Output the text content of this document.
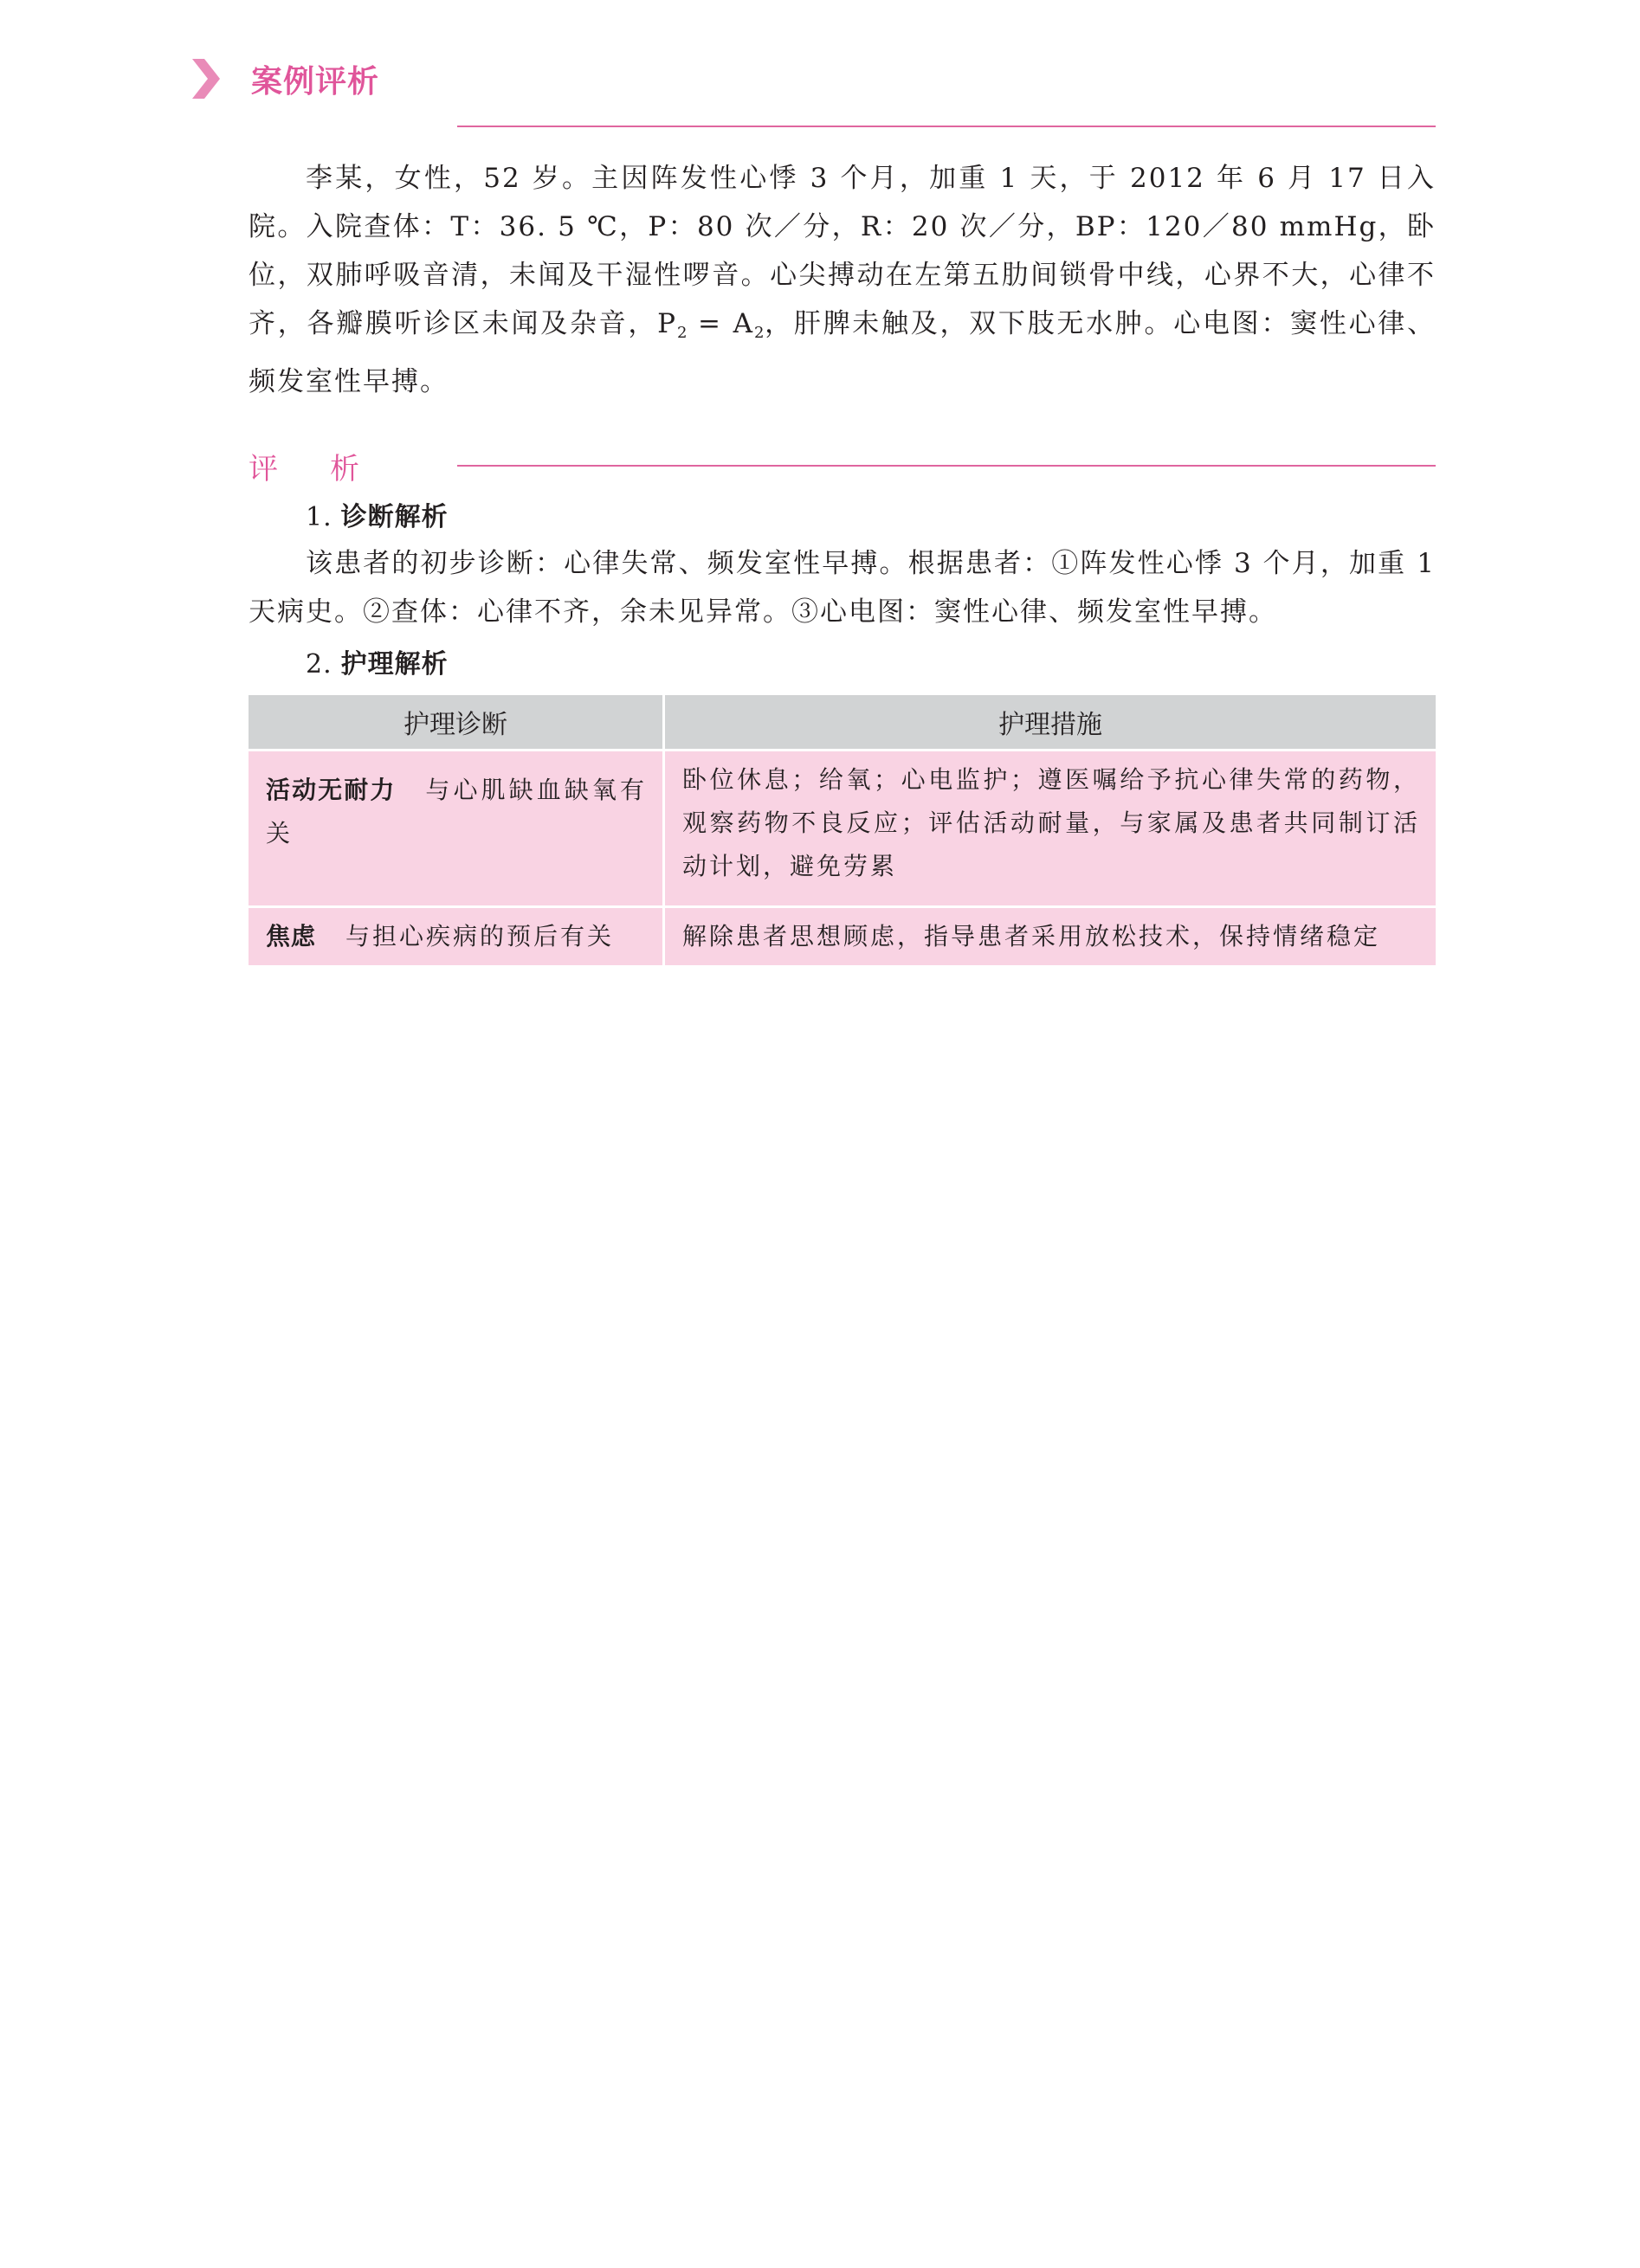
案例评析
李某，女性，52 岁。主因阵发性心悸 3 个月，加重 1 天，于 2012 年 6 月 17 日入院。入院查体：T：36. 5 ℃，P：80 次／分，R：20 次／分，BP：120／80 mmHg，卧位，双肺呼吸音清，未闻及干湿性啰音。心尖搏动在左第五肋间锁骨中线，心界不大，心律不齐，各瓣膜听诊区未闻及杂音，$P_2 = A_2$，肝脾未触及，双下肢无水肿。心电图：窦性心律、频发室性早搏。
评析
1. 诊断解析
该患者的初步诊断：心律失常、频发室性早搏。根据患者：①阵发性心悸 3 个月，加重 1 天病史。②查体：心律不齐，余未见异常。③心电图：窦性心律、频发室性早搏。
2. 护理解析
护理诊断	护理措施
活动无耐力 与心肌缺血缺氧有关	卧位休息；给氧；心电监护；遵医嘱给予抗心律失常的药物，观察药物不良反应；评估活动耐量，与家属及患者共同制订活动计划，避免劳累
焦虑 与担心疾病的预后有关	解除患者思想顾虑，指导患者采用放松技术，保持情绪稳定
